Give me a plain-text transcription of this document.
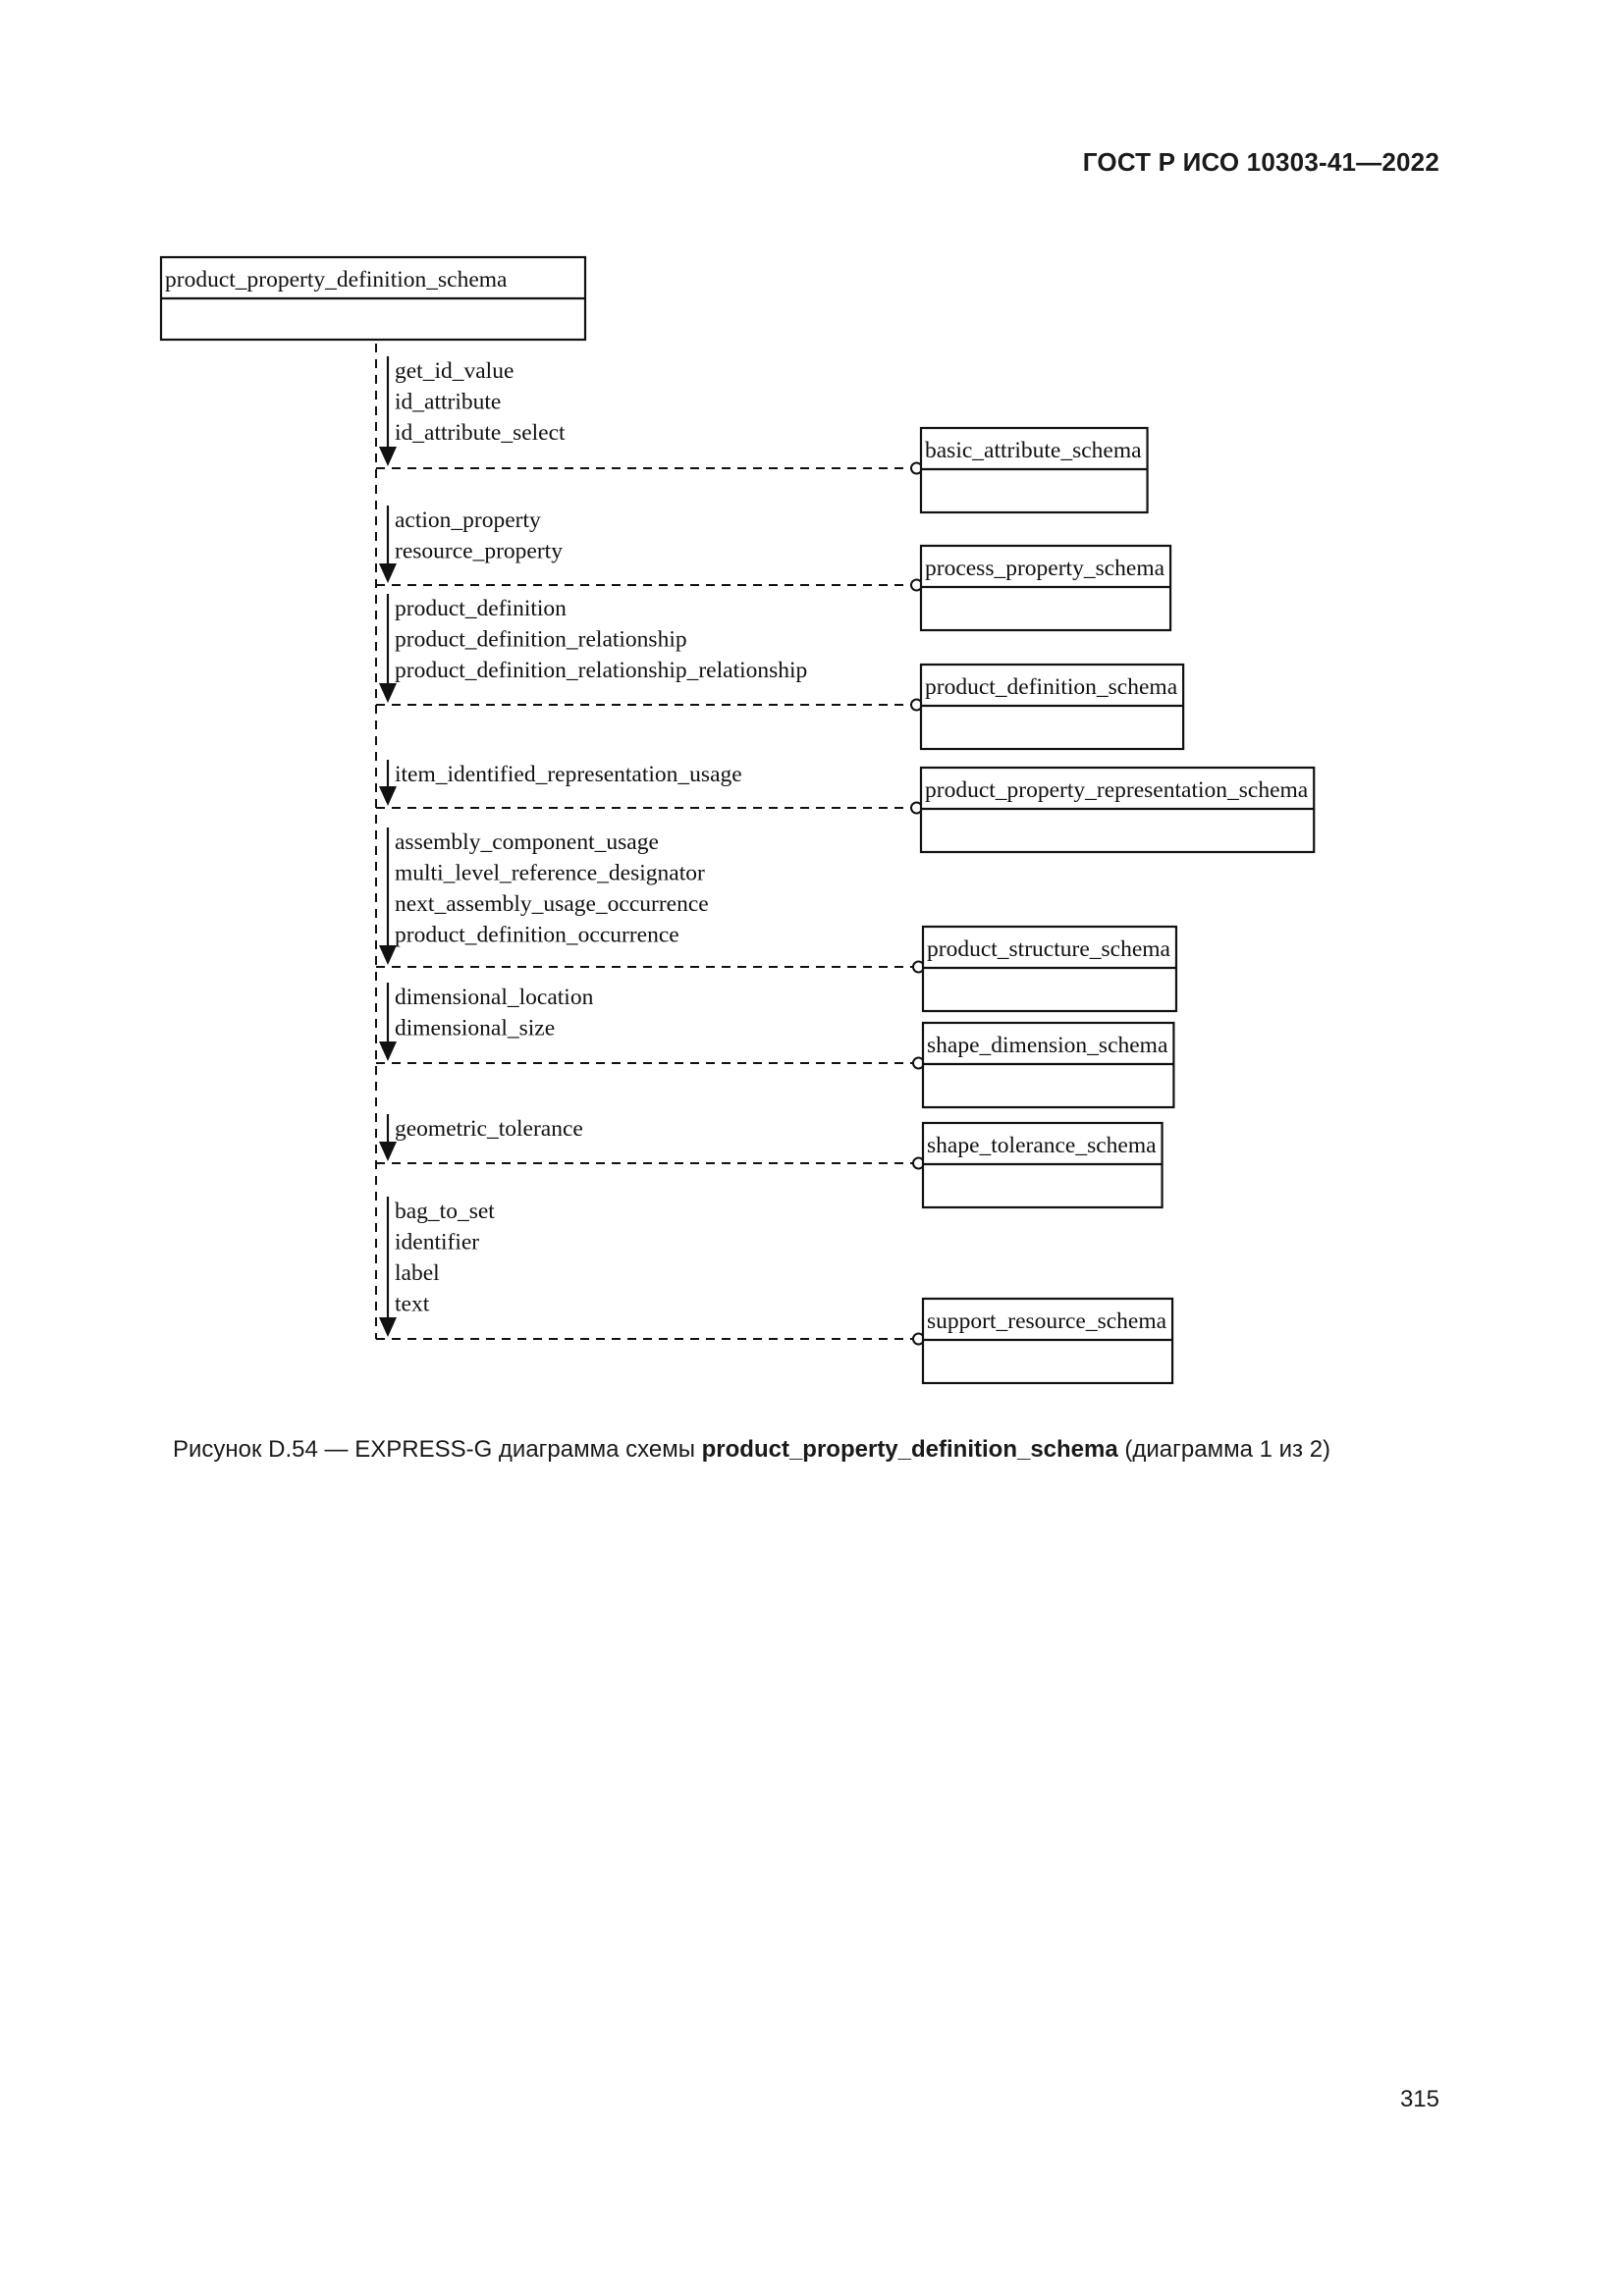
ГОСТ Р ИСО 10303-41—2022
product_property_definition_schema
get_id_value
id_attribute
id_attribute_select
basic_attribute_schema
action_property
resource_property
process_property_schema
product_definition
product_definition_relationship
product_definition_relationship_relationship
product_definition_schema
item_identified_representation_usage
product_property_representation_schema
assembly_component_usage
multi_level_reference_designator
next_assembly_usage_occurrence
product_definition_occurrence
product_structure_schema
dimensional_location
dimensional_size
shape_dimension_schema
geometric_tolerance
shape_tolerance_schema
bag_to_set
identifier
label
text
support_resource_schema
Рисунок D.54 — EXPRESS-G диаграмма схемы product_property_definition_schema (диаграмма 1 из 2)
315
